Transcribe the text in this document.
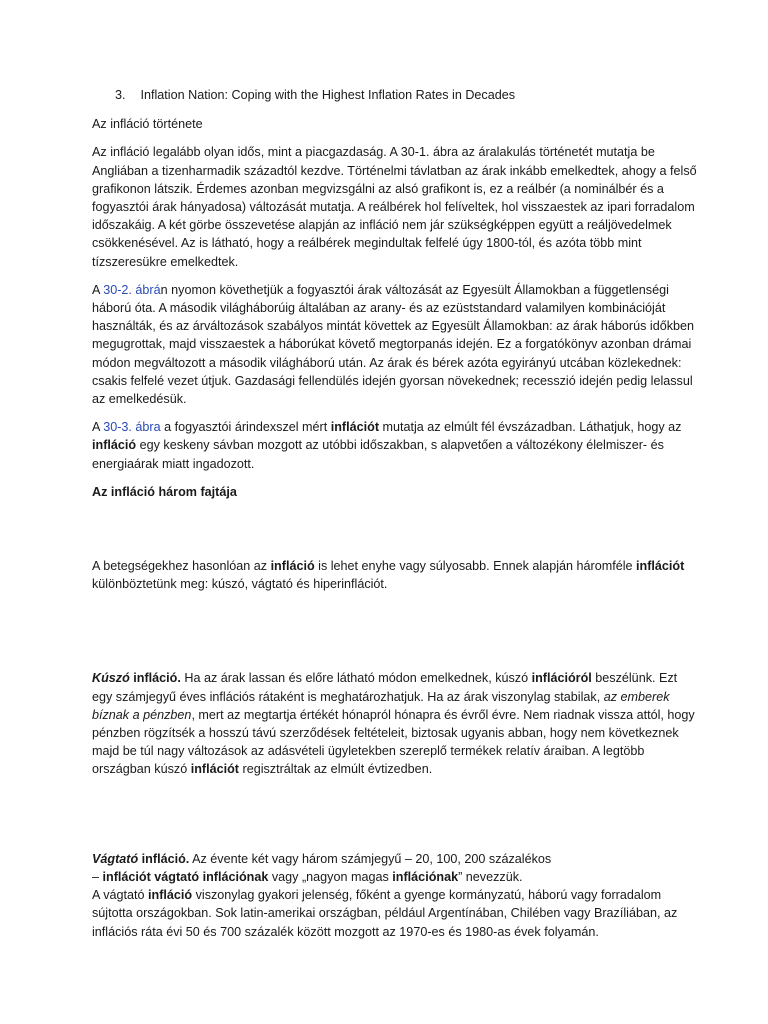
3. Inflation Nation: Coping with the Highest Inflation Rates in Decades
Az infláció története

Az infláció legalább olyan idős, mint a piacgazdaság. A 30-1. ábra az áralakulás történetét mutatja be Angliában a tizenharmadik századtól kezdve. Történelmi távlatban az árak inkább emelkedtek, ahogy a felső grafikonon látszik. Érdemes azonban megvizsgálni az alsó grafikont is, ez a reálbér (a nominálbér és a fogyasztói árak hányadosa) változását mutatja. A reálbérek hol felíveltek, hol visszaestek az ipari forradalom időszakáig. A két görbe összevetése alapján az infláció nem jár szükségképpen együtt a reáljövedelmek csökkenésével. Az is látható, hogy a reálbérek megindultak felfelé úgy 1800-tól, és azóta több mint tízszeresükre emelkedtek.

A 30-2. ábrán nyomon követhetjük a fogyasztói árak változását az Egyesült Államokban a függetlenségi háború óta. A második világháborúig általában az arany- és az ezüststandard valamilyen kombinációját használták, és az árváltozások szabályos mintát követtek az Egyesült Államokban: az árak háborús időkben megugrottak, majd visszaestek a háborúkat követő megtorpanás idején. Ez a forgatókönyv azonban drámai módon megváltozott a második világháború után. Az árak és bérek azóta egyirányú utcában közlekednek: csakis felfelé vezet útjuk. Gazdasági fellendülés idején gyorsan növekednek; recesszió idején pedig lelassul az emelkedésük.

A 30-3. ábra a fogyasztói árindexszel mért inflációt mutatja az elmúlt fél évszázadban. Láthatjuk, hogy az infláció egy keskeny sávban mozgott az utóbbi időszakban, s alapvetően a változékony élelmiszer- és energiaárak miatt ingadozott.

Az infláció három fajtája

A betegségekhez hasonlóan az infláció is lehet enyhe vagy súlyosabb. Ennek alapján háromféle inflációt különböztetünk meg: kúszó, vágtató és hiperinflációt.

Kúszó infláció. Ha az árak lassan és előre látható módon emelkednek, kúszó inflációról beszélünk. Ezt egy számjegyű éves inflációs rátaként is meghatározhatjuk. Ha az árak viszonylag stabilak, az emberek bíznak a pénzben, mert az megtartja értékét hónapról hónapra és évről évre. Nem riadnak vissza attól, hogy pénzben rögzítsék a hosszú távú szerződések feltételeit, biztosak ugyanis abban, hogy nem következnek majd be túl nagy változások az adásvételi ügyletekben szereplő termékek relatív áraiban. A legtöbb országban kúszó inflációt regisztráltak az elmúlt évtizedben.

Vágtató infláció. Az évente két vagy három számjegyű – 20, 100, 200 százalékos
– inflációt vágtató inflációnak vagy „nagyon magas inflációnak” nevezzük.
A vágtató infláció viszonylag gyakori jelenség, főként a gyenge kormányzatú, háború vagy forradalom sújtotta országokban. Sok latin-amerikai országban, például Argentínában, Chilében vagy Brazíliában, az inflációs ráta évi 50 és 700 százalék között mozgott az 1970-es és 1980-as évek folyamán.
